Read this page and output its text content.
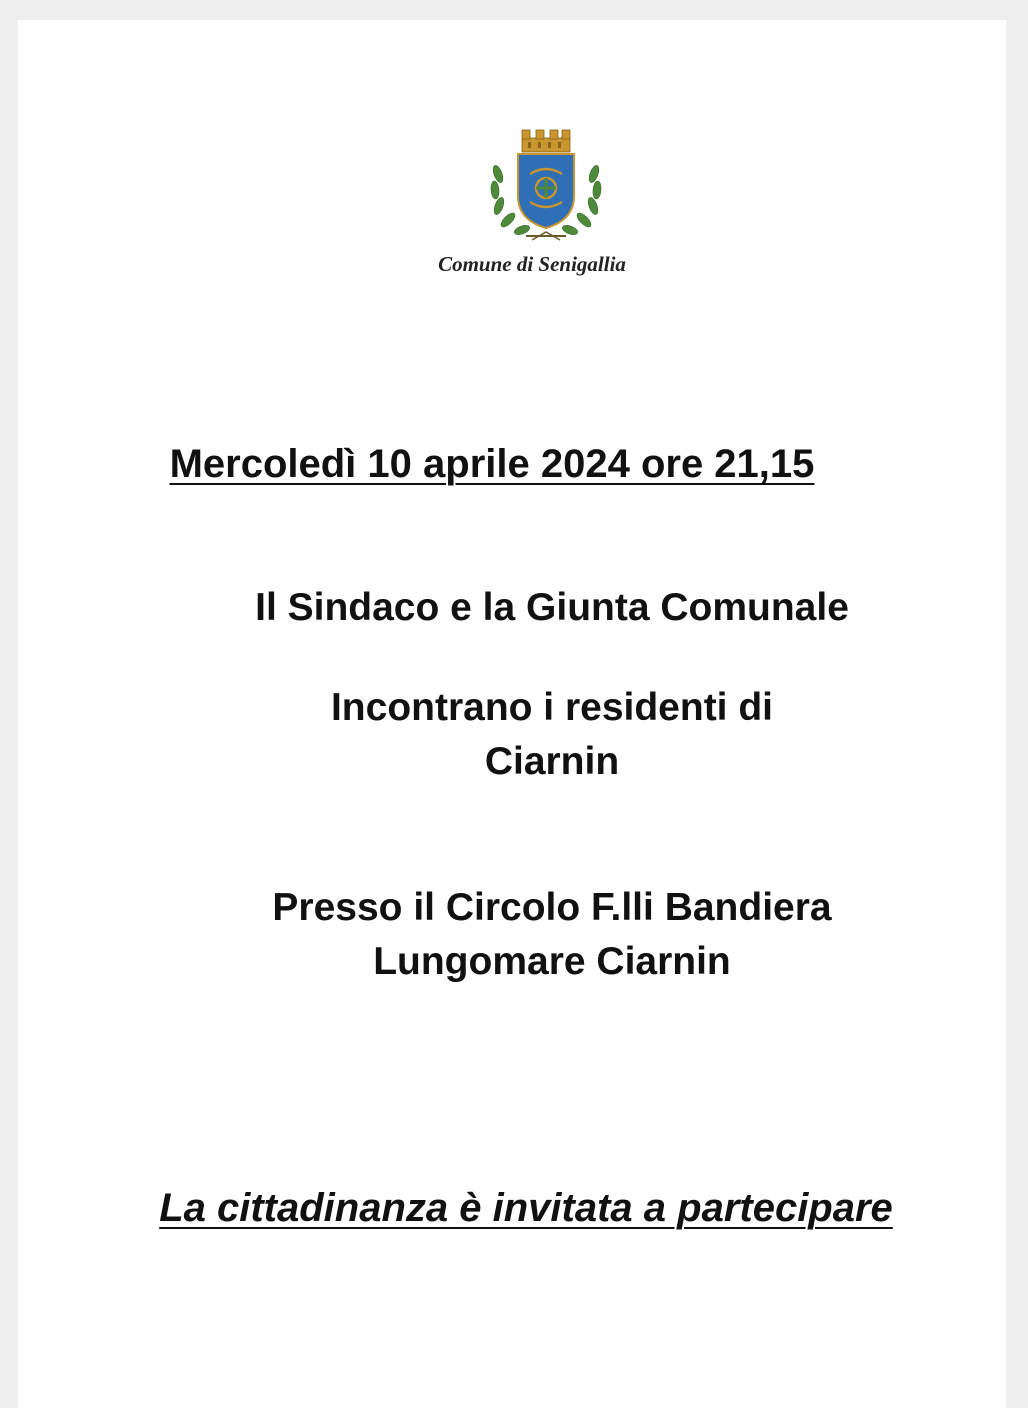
Comune di Senigallia
Mercoledì 10 aprile 2024 ore 21,15
Il Sindaco e la Giunta Comunale
Incontrano i residenti di
Ciarnin
Presso il Circolo F.lli Bandiera
Lungomare Ciarnin
La cittadinanza è invitata a partecipare
